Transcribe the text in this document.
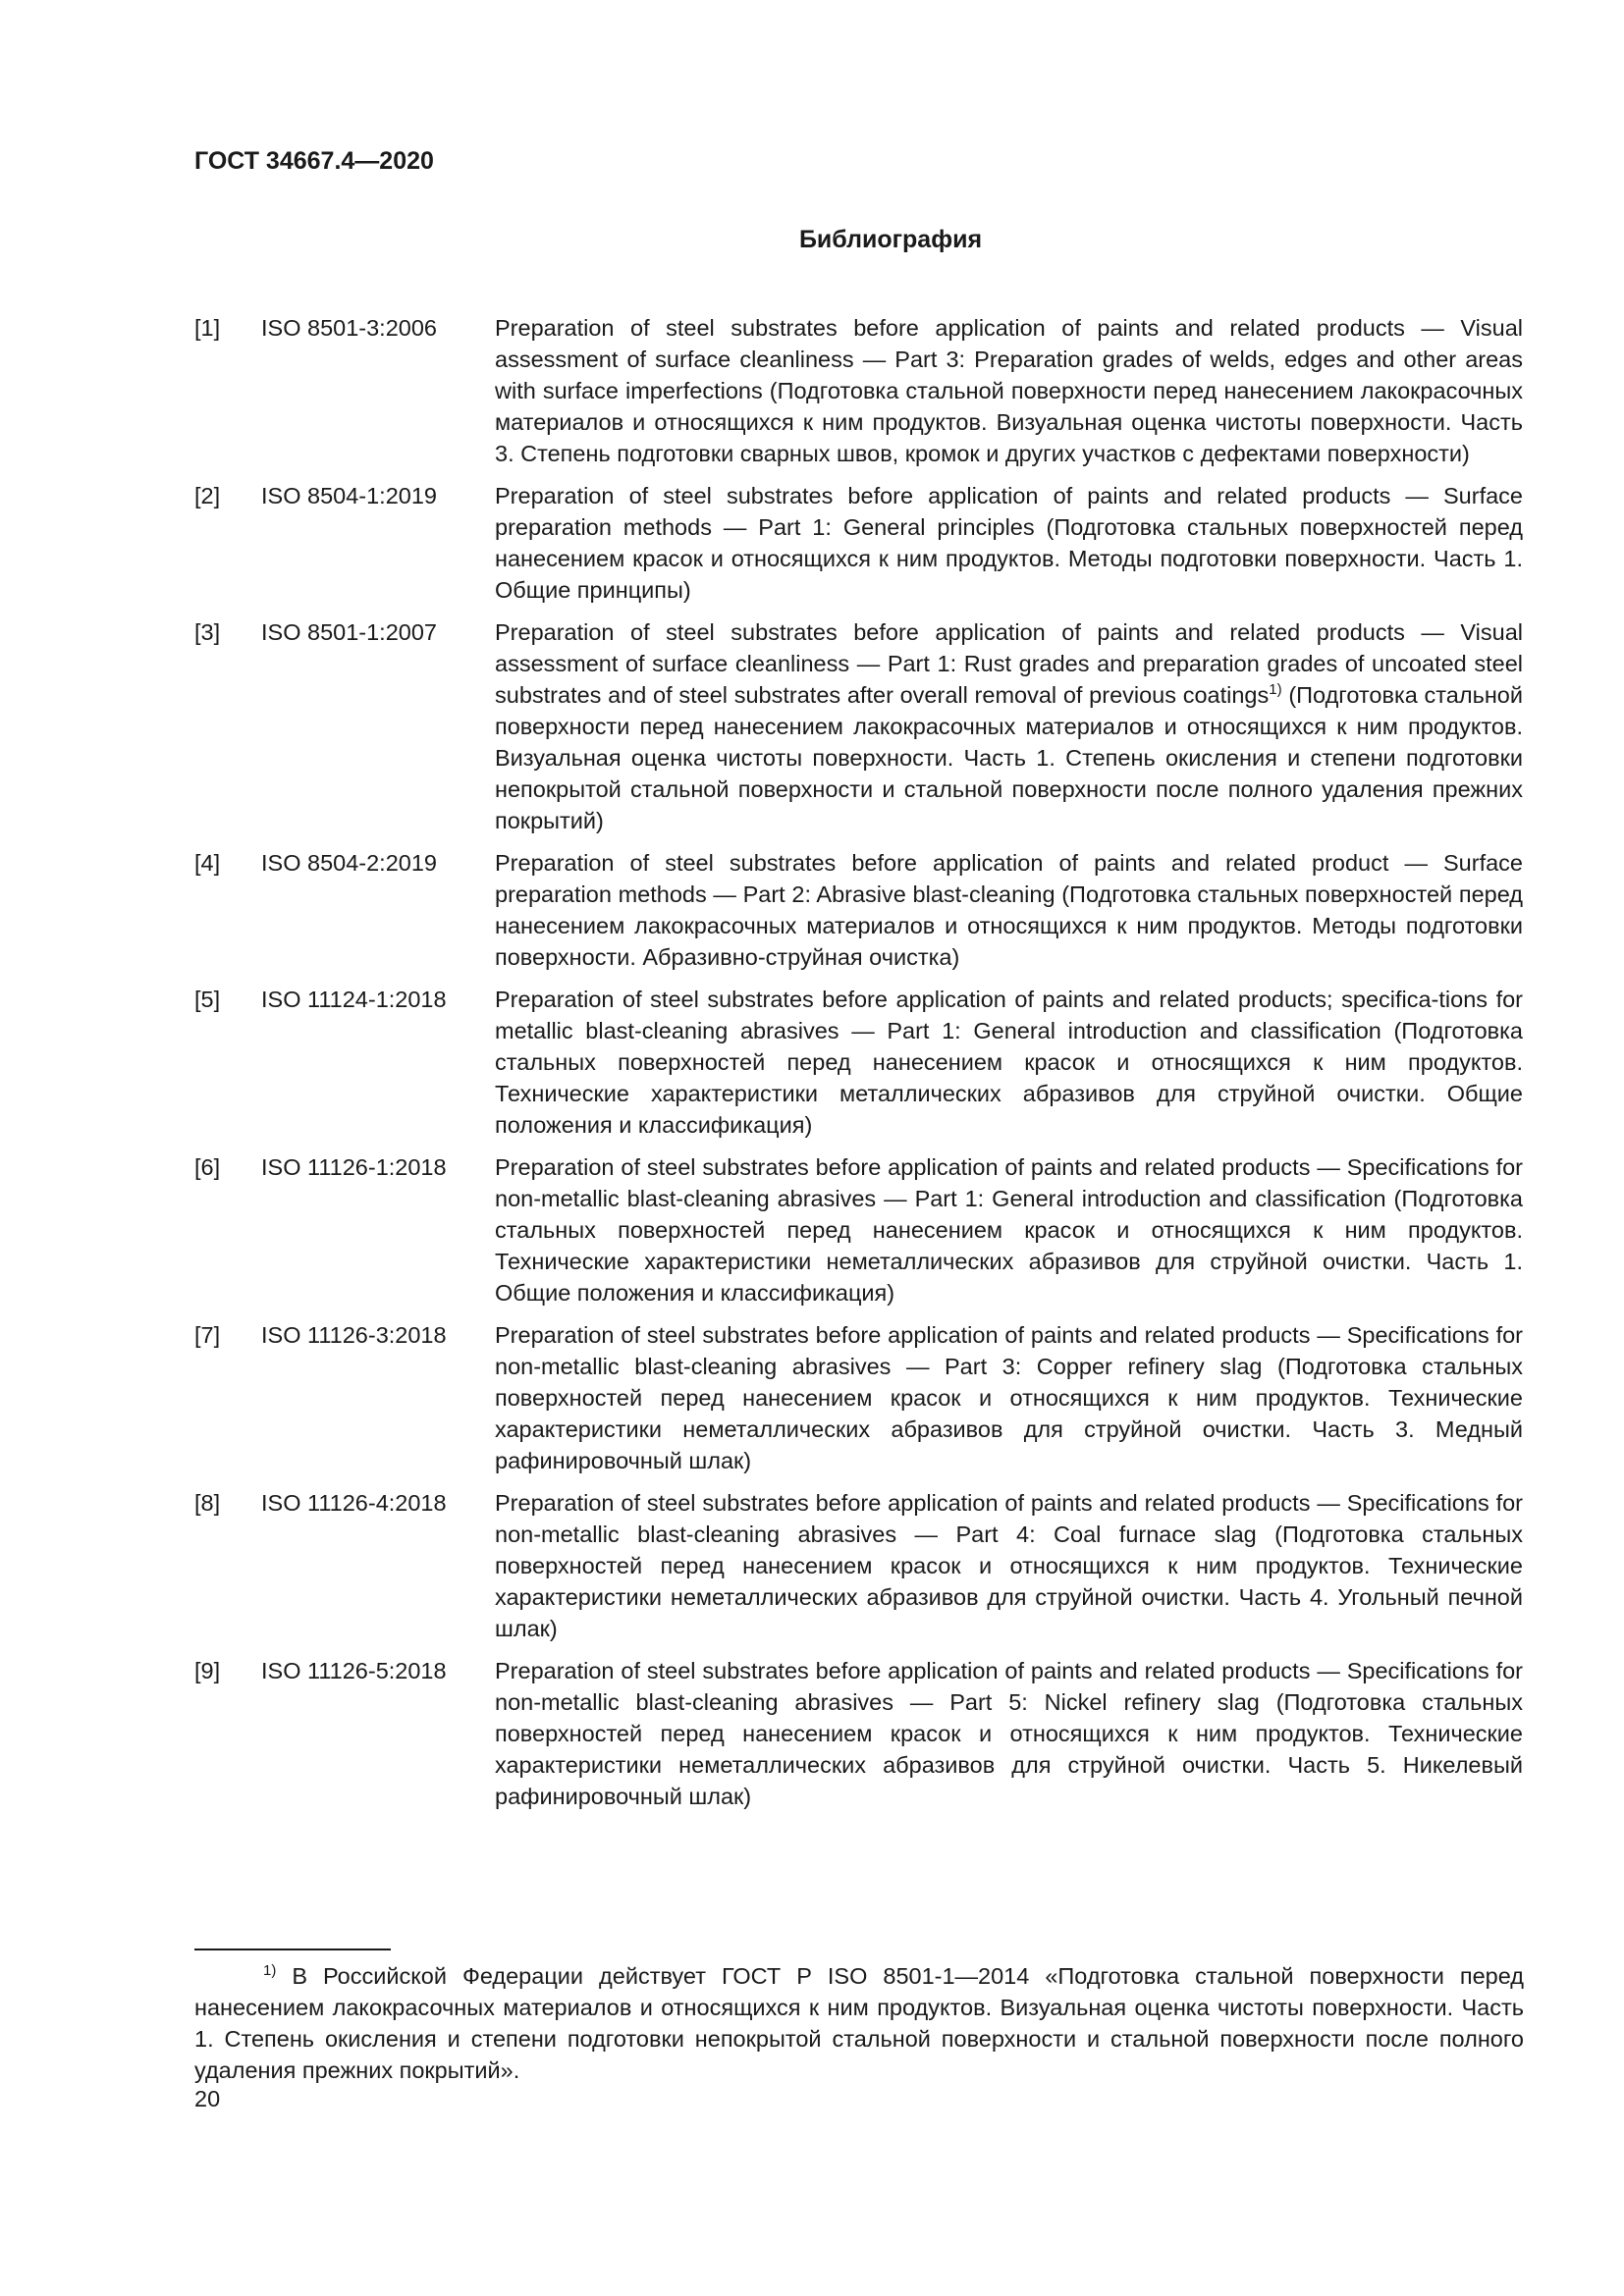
ГОСТ 34667.4—2020
Библиография
[1]	ISO 8501-3:2006	Preparation of steel substrates before application of paints and related products — Visual assessment of surface cleanliness — Part 3: Preparation grades of welds, edges and other areas with surface imperfections (Подготовка стальной поверхности перед нанесением лакокрасочных материалов и относящихся к ним продуктов. Визуальная оценка чистоты поверхности. Часть 3. Степень подготовки сварных швов, кромок и других участков с дефектами поверхности)
[2]	ISO 8504-1:2019	Preparation of steel substrates before application of paints and related products — Surface preparation methods — Part 1: General principles (Подготовка стальных поверхностей перед нанесением красок и относящихся к ним продуктов. Методы подготовки поверхности. Часть 1. Общие принципы)
[3]	ISO 8501-1:2007	Preparation of steel substrates before application of paints and related products — Visual assessment of surface cleanliness — Part 1: Rust grades and preparation grades of uncoated steel substrates and of steel substrates after overall removal of previous coatings$^{1)}$ (Подготовка стальной поверхности перед нанесением лакокрасочных материалов и относящихся к ним продуктов. Визуальная оценка чистоты поверхности. Часть 1. Степень окисления и степени подготовки непокрытой стальной поверхности и стальной поверхности после полного удаления прежних покрытий)
[4]	ISO 8504-2:2019	Preparation of steel substrates before application of paints and related product — Surface preparation methods — Part 2: Abrasive blast-cleaning (Подготовка стальных поверхностей перед нанесением лакокрасочных материалов и относящихся к ним продуктов. Методы подготовки поверхности. Абразивно-струйная очистка)
[5]	ISO 11124-1:2018	Preparation of steel substrates before application of paints and related products; specifica-tions for metallic blast-cleaning abrasives — Part 1: General introduction and classification (Подготовка стальных поверхностей перед нанесением красок и относящихся к ним продуктов. Технические характеристики металлических абразивов для струйной очистки. Общие положения и классификация)
[6]	ISO 11126-1:2018	Preparation of steel substrates before application of paints and related products — Specifications for non-metallic blast-cleaning abrasives — Part 1: General introduction and classification (Подготовка стальных поверхностей перед нанесением красок и относящихся к ним продуктов. Технические характеристики неметаллических абразивов для струйной очистки. Часть 1. Общие положения и классификация)
[7]	ISO 11126-3:2018	Preparation of steel substrates before application of paints and related products — Specifications for non-metallic blast-cleaning abrasives — Part 3: Copper refinery slag (Подготовка стальных поверхностей перед нанесением красок и относящихся к ним продуктов. Технические характеристики неметаллических абразивов для струйной очистки. Часть 3. Медный рафинировочный шлак)
[8]	ISO 11126-4:2018	Preparation of steel substrates before application of paints and related products — Specifications for non-metallic blast-cleaning abrasives — Part 4: Coal furnace slag (Подготовка стальных поверхностей перед нанесением красок и относящихся к ним продуктов. Технические характеристики неметаллических абразивов для струйной очистки. Часть 4. Угольный печной шлак)
[9]	ISO 11126-5:2018	Preparation of steel substrates before application of paints and related products — Specifications for non-metallic blast-cleaning abrasives — Part 5: Nickel refinery slag (Подготовка стальных поверхностей перед нанесением красок и относящихся к ним продуктов. Технические характеристики неметаллических абразивов для струйной очистки. Часть 5. Никелевый рафинировочный шлак)
$^{1)}$ В Российской Федерации действует ГОСТ Р ISO 8501-1—2014 «Подготовка стальной поверхности перед нанесением лакокрасочных материалов и относящихся к ним продуктов. Визуальная оценка чистоты поверхности. Часть 1. Степень окисления и степени подготовки непокрытой стальной поверхности и стальной поверхности после полного удаления прежних покрытий».
20
